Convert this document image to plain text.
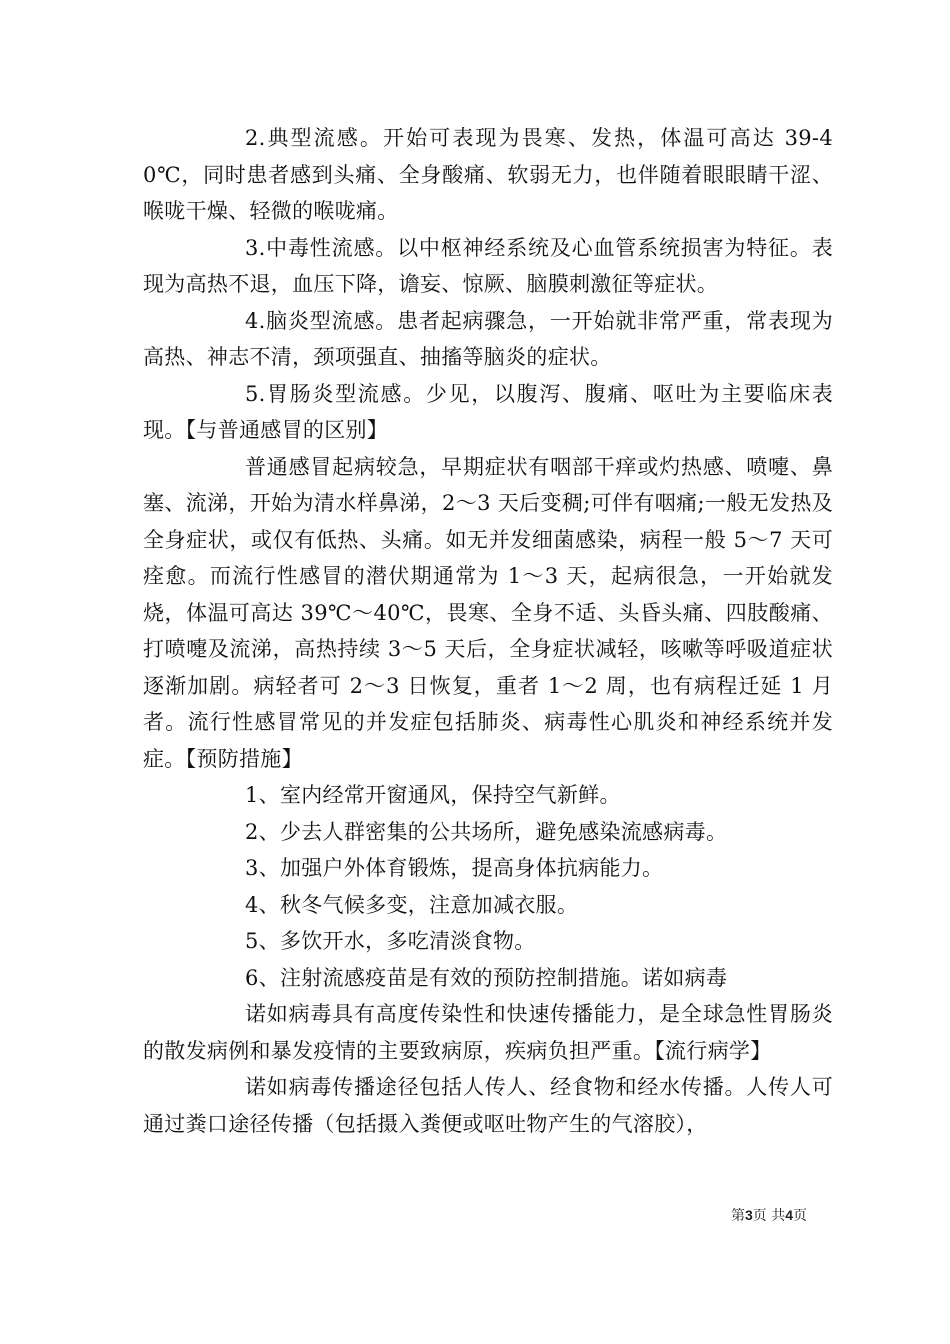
2.典型流感。开始可表现为畏寒、发热，体温可高达 39-40℃，同时患者感到头痛、全身酸痛、软弱无力，也伴随着眼眼睛干涩、喉咙干燥、轻微的喉咙痛。

3.中毒性流感。以中枢神经系统及心血管系统损害为特征。表现为高热不退，血压下降，谵妄、惊厥、脑膜刺激征等症状。

4.脑炎型流感。患者起病骤急，一开始就非常严重，常表现为高热、神志不清，颈项强直、抽搐等脑炎的症状。

5.胃肠炎型流感。少见，以腹泻、腹痛、呕吐为主要临床表现。【与普通感冒的区别】

普通感冒起病较急，早期症状有咽部干痒或灼热感、喷嚏、鼻塞、流涕，开始为清水样鼻涕，2～3 天后变稠;可伴有咽痛;一般无发热及全身症状，或仅有低热、头痛。如无并发细菌感染，病程一般 5～7 天可痊愈。而流行性感冒的潜伏期通常为 1～3 天，起病很急，一开始就发烧，体温可高达 39℃～40℃，畏寒、全身不适、头昏头痛、四肢酸痛、打喷嚏及流涕，高热持续 3～5 天后，全身症状减轻，咳嗽等呼吸道症状逐渐加剧。病轻者可 2～3 日恢复，重者 1～2 周，也有病程迁延 1 月者。流行性感冒常见的并发症包括肺炎、病毒性心肌炎和神经系统并发症。【预防措施】

1、室内经常开窗通风，保持空气新鲜。

2、少去人群密集的公共场所，避免感染流感病毒。

3、加强户外体育锻炼，提高身体抗病能力。

4、秋冬气候多变，注意加减衣服。

5、多饮开水，多吃清淡食物。

6、注射流感疫苗是有效的预防控制措施。诺如病毒

诺如病毒具有高度传染性和快速传播能力，是全球急性胃肠炎的散发病例和暴发疫情的主要致病原，疾病负担严重。【流行病学】

诺如病毒传播途径包括人传人、经食物和经水传播。人传人可通过粪口途径传播（包括摄入粪便或呕吐物产生的气溶胶），

第3页 共4页
